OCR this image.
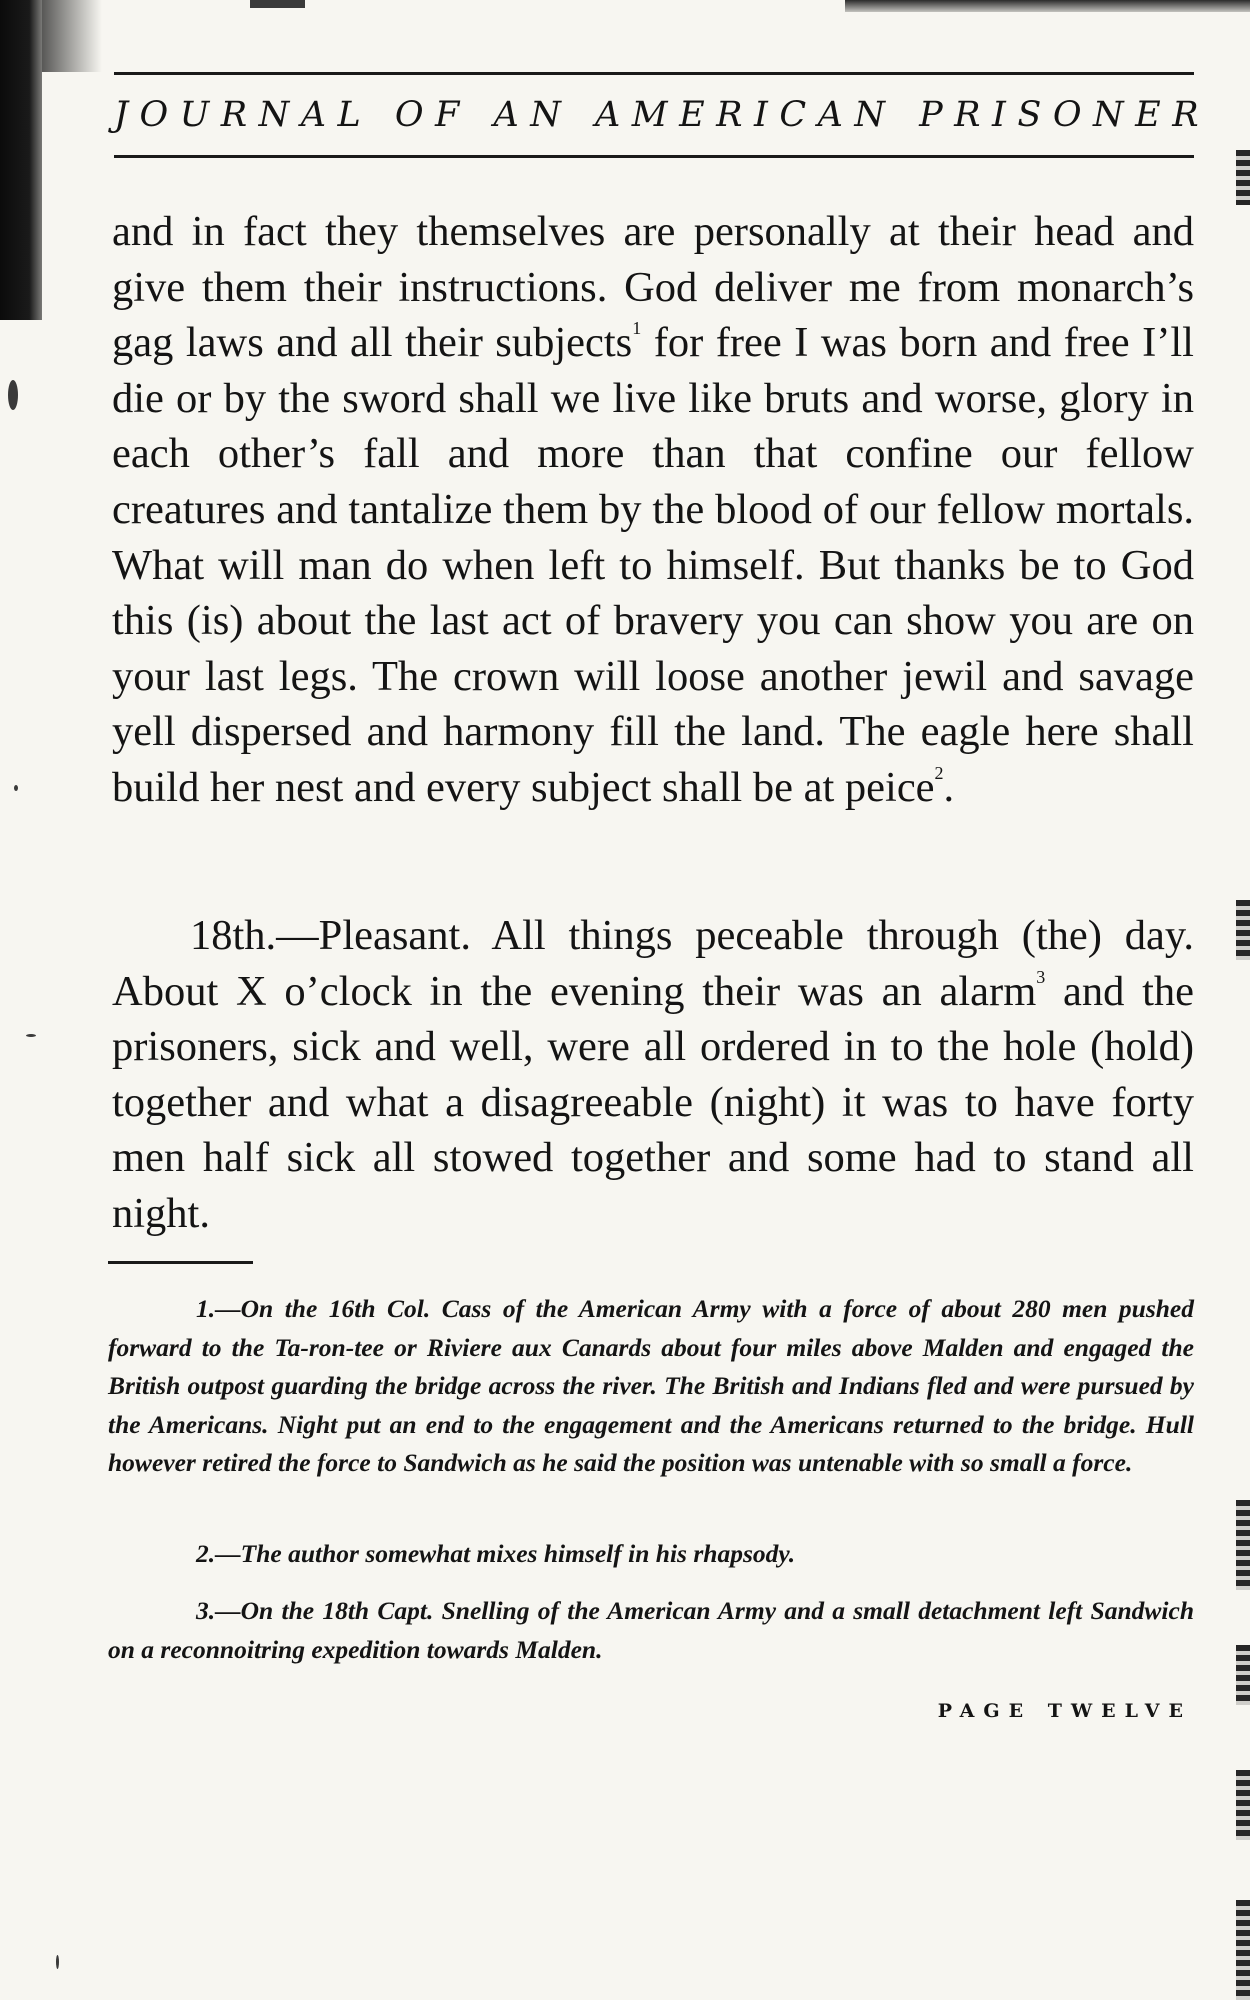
JOURNAL OF AN AMERICAN PRISONER

and in fact they themselves are personally at their head and give them their instructions. God deliver me from monarch’s gag laws and all their subjects$^1$ for free I was born and free I’ll die or by the sword shall we live like bruts and worse, glory in each other’s fall and more than that confine our fellow creatures and tantalize them by the blood of our fellow mortals. What will man do when left to himself. But thanks be to God this (is) about the last act of bravery you can show you are on your last legs. The crown will loose another jewil and savage yell dispersed and harmony fill the land. The eagle here shall build her nest and every subject shall be at peice$^2$.

18th.—Pleasant. All things peceable through (the) day. About X o’clock in the evening their was an alarm$^3$ and the prisoners, sick and well, were all ordered in to the hole (hold) together and what a disagreeable (night) it was to have forty men half sick all stowed together and some had to stand all night.

1.—On the 16th Col. Cass of the American Army with a force of about 280 men pushed forward to the Ta-ron-tee or Riviere aux Canards about four miles above Malden and engaged the British outpost guarding the bridge across the river. The British and Indians fled and were pursued by the Americans. Night put an end to the engagement and the Americans returned to the bridge. Hull however retired the force to Sandwich as he said the position was untenable with so small a force.

2.—The author somewhat mixes himself in his rhapsody.

3.—On the 18th Capt. Snelling of the American Army and a small detachment left Sandwich on a reconnoitring expedition towards Malden.

PAGE TWELVE
